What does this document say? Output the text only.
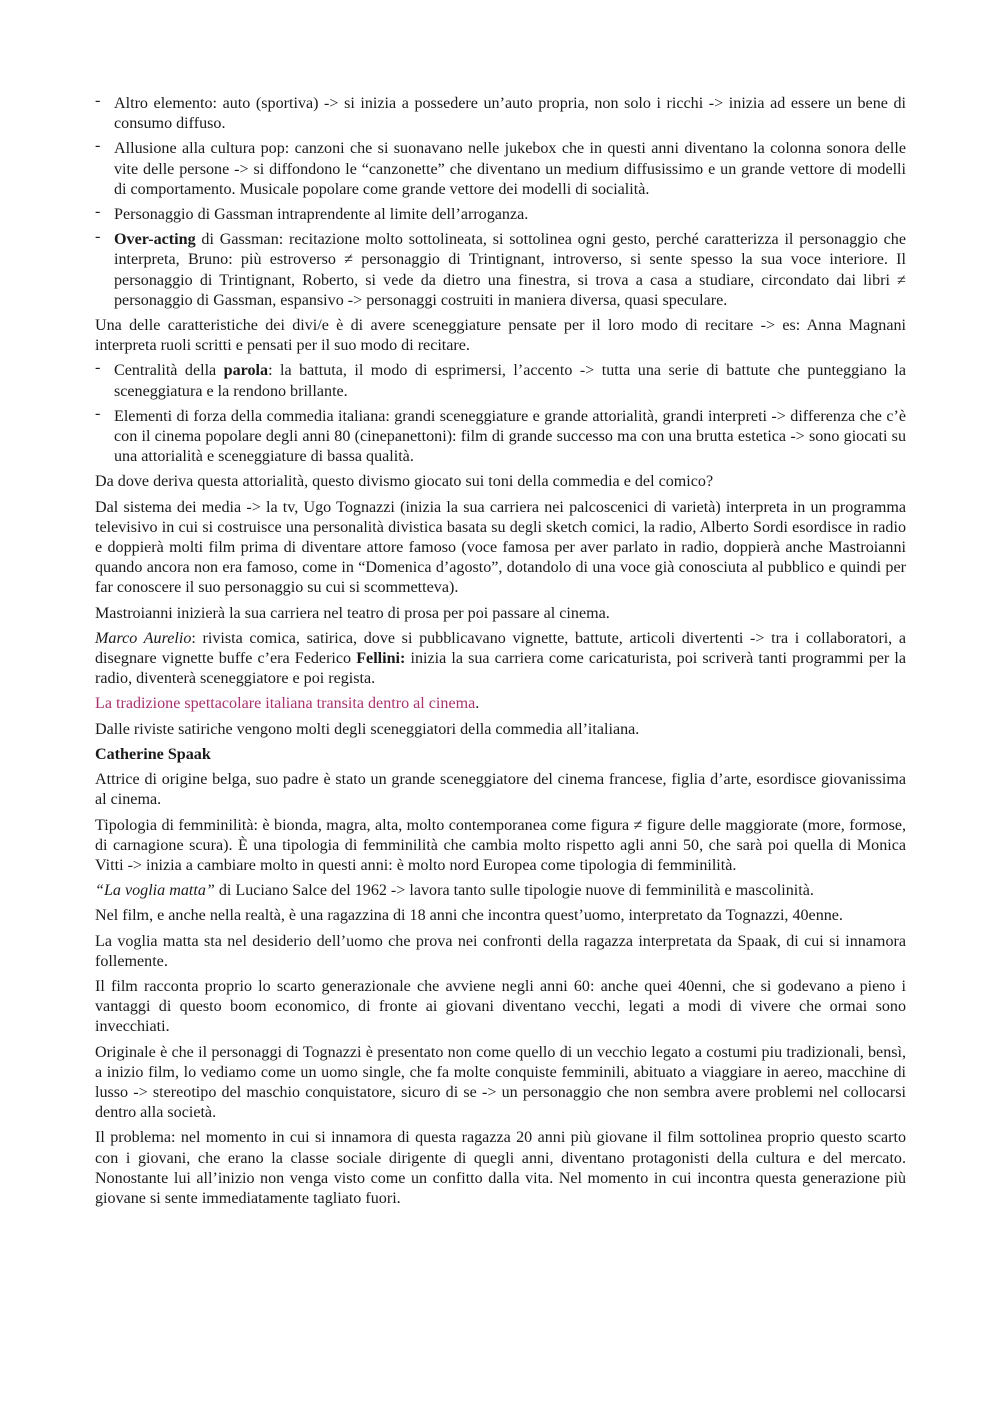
- Altro elemento: auto (sportiva) -> si inizia a possedere un’auto propria, non solo i ricchi -> inizia ad essere un bene di consumo diffuso.
- Allusione alla cultura pop: canzoni che si suonavano nelle jukebox che in questi anni diventano la colonna sonora delle vite delle persone -> si diffondono le “canzonette” che diventano un medium diffusissimo e un grande vettore di modelli di comportamento. Musicale popolare come grande vettore dei modelli di socialità.
- Personaggio di Gassman intraprendente al limite dell’arroganza.
- Over-acting di Gassman: recitazione molto sottolineata, si sottolinea ogni gesto, perché caratterizza il personaggio che interpreta, Bruno: più estroverso ≠ personaggio di Trintignant, introverso, si sente spesso la sua voce interiore. Il personaggio di Trintignant, Roberto, si vede da dietro una finestra, si trova a casa a studiare, circondato dai libri ≠ personaggio di Gassman, espansivo -> personaggi costruiti in maniera diversa, quasi speculare.

Una delle caratteristiche dei divi/e è di avere sceneggiature pensate per il loro modo di recitare -> es: Anna Magnani interpreta ruoli scritti e pensati per il suo modo di recitare.

- Centralità della parola: la battuta, il modo di esprimersi, l’accento -> tutta una serie di battute che punteggiano la sceneggiatura e la rendono brillante.
- Elementi di forza della commedia italiana: grandi sceneggiature e grande attorialità, grandi interpreti -> differenza che c’è con il cinema popolare degli anni 80 (cinepanettoni): film di grande successo ma con una brutta estetica -> sono giocati su una attorialità e sceneggiature di bassa qualità.

Da dove deriva questa attorialità, questo divismo giocato sui toni della commedia e del comico?

Dal sistema dei media -> la tv, Ugo Tognazzi (inizia la sua carriera nei palcoscenici di varietà) interpreta in un programma televisivo in cui si costruisce una personalità divistica basata su degli sketch comici, la radio, Alberto Sordi esordisce in radio e doppierà molti film prima di diventare attore famoso (voce famosa per aver parlato in radio, doppierà anche Mastroianni quando ancora non era famoso, come in “Domenica d’agosto”, dotandolo di una voce già conosciuta al pubblico e quindi per far conoscere il suo personaggio su cui si scommetteva).

Mastroianni inizierà la sua carriera nel teatro di prosa per poi passare al cinema.

Marco Aurelio: rivista comica, satirica, dove si pubblicavano vignette, battute, articoli divertenti -> tra i collaboratori, a disegnare vignette buffe c’era Federico Fellini: inizia la sua carriera come caricaturista, poi scriverà tanti programmi per la radio, diventerà sceneggiatore e poi regista.

La tradizione spettacolare italiana transita dentro al cinema.

Dalle riviste satiriche vengono molti degli sceneggiatori della commedia all’italiana.

Catherine Spaak

Attrice di origine belga, suo padre è stato un grande sceneggiatore del cinema francese, figlia d’arte, esordisce giovanissima al cinema.

Tipologia di femminilità: è bionda, magra, alta, molto contemporanea come figura ≠ figure delle maggiorate (more, formose, di carnagione scura). È una tipologia di femminilità che cambia molto rispetto agli anni 50, che sarà poi quella di Monica Vitti -> inizia a cambiare molto in questi anni: è molto nord Europea come tipologia di femminilità.

“La voglia matta” di Luciano Salce del 1962 -> lavora tanto sulle tipologie nuove di femminilità e mascolinità.

Nel film, e anche nella realtà, è una ragazzina di 18 anni che incontra quest’uomo, interpretato da Tognazzi, 40enne.

La voglia matta sta nel desiderio dell’uomo che prova nei confronti della ragazza interpretata da Spaak, di cui si innamora follemente.

Il film racconta proprio lo scarto generazionale che avviene negli anni 60: anche quei 40enni, che si godevano a pieno i vantaggi di questo boom economico, di fronte ai giovani diventano vecchi, legati a modi di vivere che ormai sono invecchiati.

Originale è che il personaggi di Tognazzi è presentato non come quello di un vecchio legato a costumi piu tradizionali, bensì, a inizio film, lo vediamo come un uomo single, che fa molte conquiste femminili, abituato a viaggiare in aereo, macchine di lusso -> stereotipo del maschio conquistatore, sicuro di se -> un personaggio che non sembra avere problemi nel collocarsi dentro alla società.

Il problema: nel momento in cui si innamora di questa ragazza 20 anni più giovane il film sottolinea proprio questo scarto con i giovani, che erano la classe sociale dirigente di quegli anni, diventano protagonisti della cultura e del mercato. Nonostante lui all’inizio non venga visto come un confitto dalla vita. Nel momento in cui incontra questa generazione più giovane si sente immediatamente tagliato fuori.
